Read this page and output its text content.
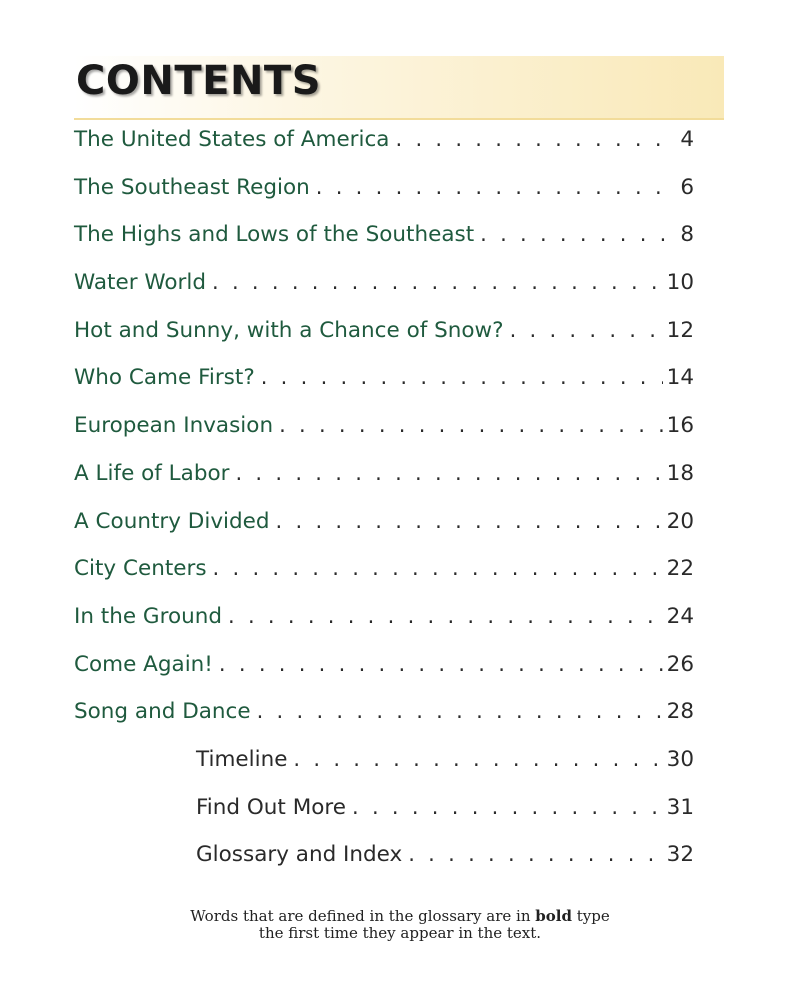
CONTENTS
The United States of America . . .	4
The Southeast Region . . .	6
The Highs and Lows of the Southeast . . .	8
Water World . . .	10
Hot and Sunny, with a Chance of Snow? . . .	12
Who Came First? . . .	14
European Invasion . . .	16
A Life of Labor . . .	18
A Country Divided . . .	20
City Centers . . .	22
In the Ground . . .	24
Come Again! . . .	26
Song and Dance . . .	28
Timeline . . .	30
Find Out More . . .	31
Glossary and Index . . .	32

Words that are defined in the glossary are in bold type
the first time they appear in the text.
